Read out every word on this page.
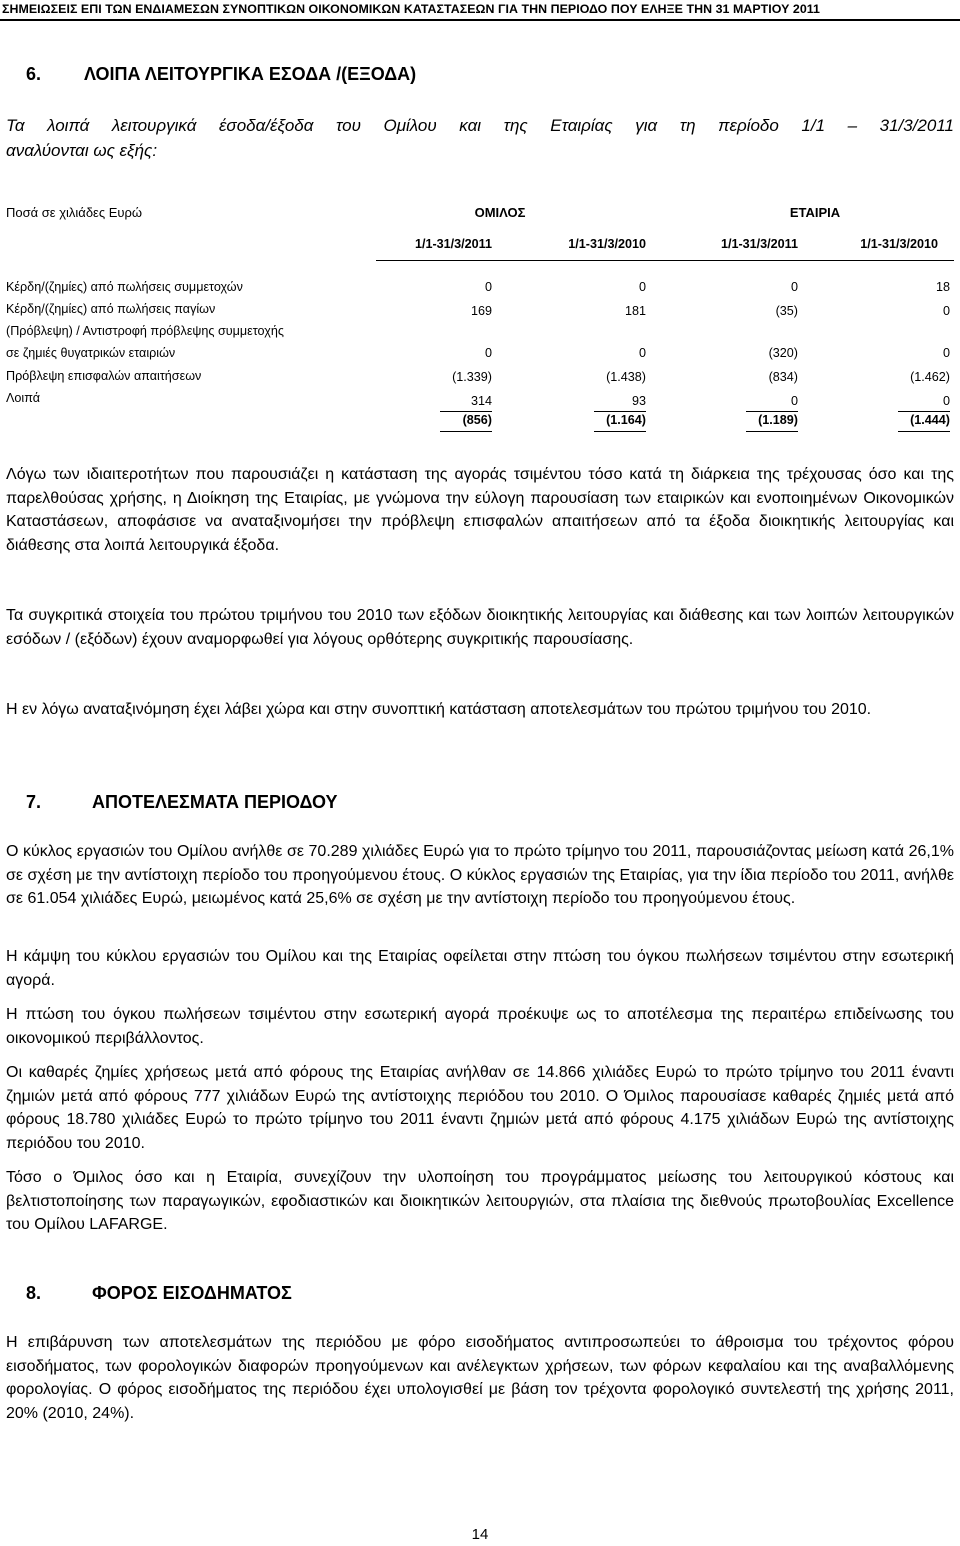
ΣΗΜΕΙΩΣΕΙΣ ΕΠΙ ΤΩΝ ΕΝΔΙΑΜΕΣΩΝ ΣΥΝΟΠΤΙΚΩΝ ΟΙΚΟΝΟΜΙΚΩΝ ΚΑΤΑΣΤΑΣΕΩΝ ΓΙΑ ΤΗΝ ΠΕΡΙΟΔΟ ΠΟΥ ΕΛΗΞΕ ΤΗΝ 31 ΜΑΡΤΙΟΥ 2011
6. ΛΟΙΠΑ ΛΕΙΤΟΥΡΓΙΚΑ ΕΣΟΔΑ /(ΕΞΟΔΑ)
Τα λοιπά λειτουργικά έσοδα/έξοδα του Ομίλου και της Εταιρίας για τη περίοδο 1/1 – 31/3/2011
αναλύονται ως εξής:
Ποσά σε χιλιάδες Ευρώ	ΟΜΙΛΟΣ	ΕΤΑΙΡΙΑ
1/1-31/3/2011	1/1-31/3/2010	1/1-31/3/2011	1/1-31/3/2010
Κέρδη/(ζημίες) από πωλήσεις συμμετοχών	0	0	0	18
Κέρδη/(ζημίες) από πωλήσεις παγίων	169	181	(35)	0
(Πρόβλεψη) / Αντιστροφή πρόβλεψης συμμετοχής
σε ζημιές θυγατρικών εταιριών	0	0	(320)	0
Πρόβλεψη επισφαλών απαιτήσεων	(1.339)	(1.438)	(834)	(1.462)
Λοιπά	314	93	0	0
(856)	(1.164)	(1.189)	(1.444)
Λόγω των ιδιαιτεροτήτων που παρουσιάζει η κατάσταση της αγοράς τσιμέντου τόσο κατά τη διάρκεια της τρέχουσας όσο και της παρελθούσας χρήσης, η Διοίκηση της Εταιρίας, με γνώμονα την εύλογη παρουσίαση των εταιρικών και ενοποιημένων Οικονομικών Καταστάσεων, αποφάσισε να αναταξινομήσει την πρόβλεψη επισφαλών απαιτήσεων από τα έξοδα διοικητικής λειτουργίας και διάθεσης στα λοιπά λειτουργικά έξοδα.
Τα συγκριτικά στοιχεία του πρώτου τριμήνου του 2010 των εξόδων διοικητικής λειτουργίας και διάθεσης και των λοιπών λειτουργικών εσόδων / (εξόδων) έχουν αναμορφωθεί για λόγους ορθότερης συγκριτικής παρουσίασης.
Η εν λόγω αναταξινόμηση έχει λάβει χώρα και στην συνοπτική κατάσταση αποτελεσμάτων του πρώτου τριμήνου του 2010.
7.	ΑΠΟΤΕΛΕΣΜΑΤΑ ΠΕΡΙΟΔΟΥ
Ο κύκλος εργασιών του Ομίλου ανήλθε σε 70.289 χιλιάδες Ευρώ για το πρώτο τρίμηνο του 2011, παρουσιάζοντας μείωση κατά 26,1% σε σχέση με την αντίστοιχη περίοδο του προηγούμενου έτους. Ο κύκλος εργασιών της Εταιρίας, για την ίδια περίοδο του 2011, ανήλθε σε 61.054 χιλιάδες Ευρώ, μειωμένος κατά 25,6% σε σχέση με την αντίστοιχη περίοδο του προηγούμενου έτους.
Η κάμψη του κύκλου εργασιών του Ομίλου και της Εταιρίας οφείλεται στην πτώση του όγκου πωλήσεων τσιμέντου στην εσωτερική αγορά.
Η πτώση του όγκου πωλήσεων τσιμέντου στην εσωτερική αγορά προέκυψε ως το αποτέλεσμα της περαιτέρω επιδείνωσης του οικονομικού περιβάλλοντος.
Οι καθαρές ζημίες χρήσεως μετά από φόρους της Εταιρίας ανήλθαν σε 14.866 χιλιάδες Ευρώ το πρώτο τρίμηνο του 2011 έναντι ζημιών μετά από φόρους 777 χιλιάδων Ευρώ της αντίστοιχης περιόδου του 2010. Ο Όμιλος παρουσίασε καθαρές ζημιές μετά από φόρους 18.780 χιλιάδες Ευρώ το πρώτο τρίμηνο του 2011 έναντι ζημιών μετά από φόρους 4.175 χιλιάδων Ευρώ της αντίστοιχης περιόδου του 2010.
Τόσο ο Όμιλος όσο και η Εταιρία, συνεχίζουν την υλοποίηση του προγράμματος μείωσης του λειτουργικού κόστους και βελτιστοποίησης των παραγωγικών, εφοδιαστικών και διοικητικών λειτουργιών, στα πλαίσια της διεθνούς πρωτοβουλίας Excellence του Ομίλου LAFARGE.
8.	ΦΟΡΟΣ ΕΙΣΟΔΗΜΑΤΟΣ
Η επιβάρυνση των αποτελεσμάτων της περιόδου με φόρο εισοδήματος αντιπροσωπεύει το άθροισμα του τρέχοντος φόρου εισοδήματος, των φορολογικών διαφορών προηγούμενων και ανέλεγκτων χρήσεων, των φόρων κεφαλαίου και της αναβαλλόμενης φορολογίας. Ο φόρος εισοδήματος της περιόδου έχει υπολογισθεί με βάση τον τρέχοντα φορολογικό συντελεστή της χρήσης 2011, 20% (2010, 24%).
14
